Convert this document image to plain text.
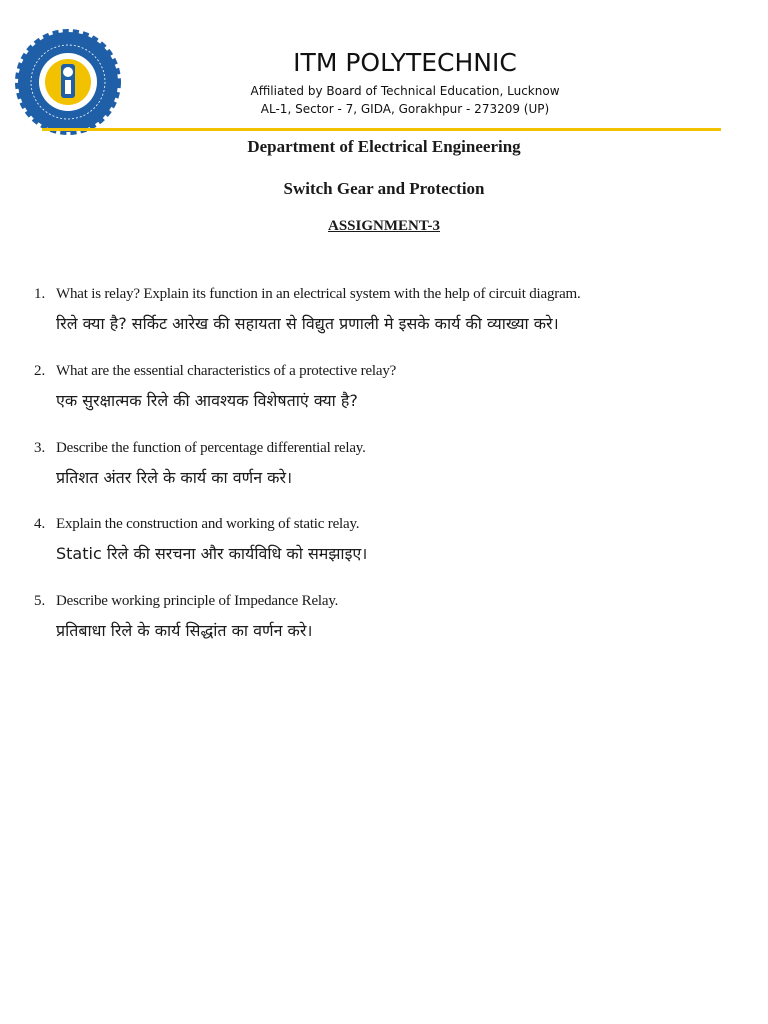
ITM POLYTECHNIC
Affiliated by Board of Technical Education, Lucknow
AL-1, Sector - 7, GIDA, Gorakhpur - 273209 (UP)
Department of Electrical Engineering
Switch Gear and Protection
ASSIGNMENT-3
1. What is relay? Explain its function in an electrical system with the help of circuit diagram.
रिले क्या है? सर्किट आरेख की सहायता से विद्युत प्रणाली मे इसके कार्य की व्याख्या करे।
2. What are the essential characteristics of a protective relay?
एक सुरक्षात्मक रिले की आवश्यक विशेषताएं क्या है?
3. Describe the function of percentage differential relay.
प्रतिशत अंतर रिले के कार्य का वर्णन करे।
4. Explain the construction and working of static relay.
Static रिले की सरचना और कार्यविधि को समझाइए।
5. Describe working principle of Impedance Relay.
प्रतिबाधा रिले के कार्य सिद्धांत का वर्णन करे।
